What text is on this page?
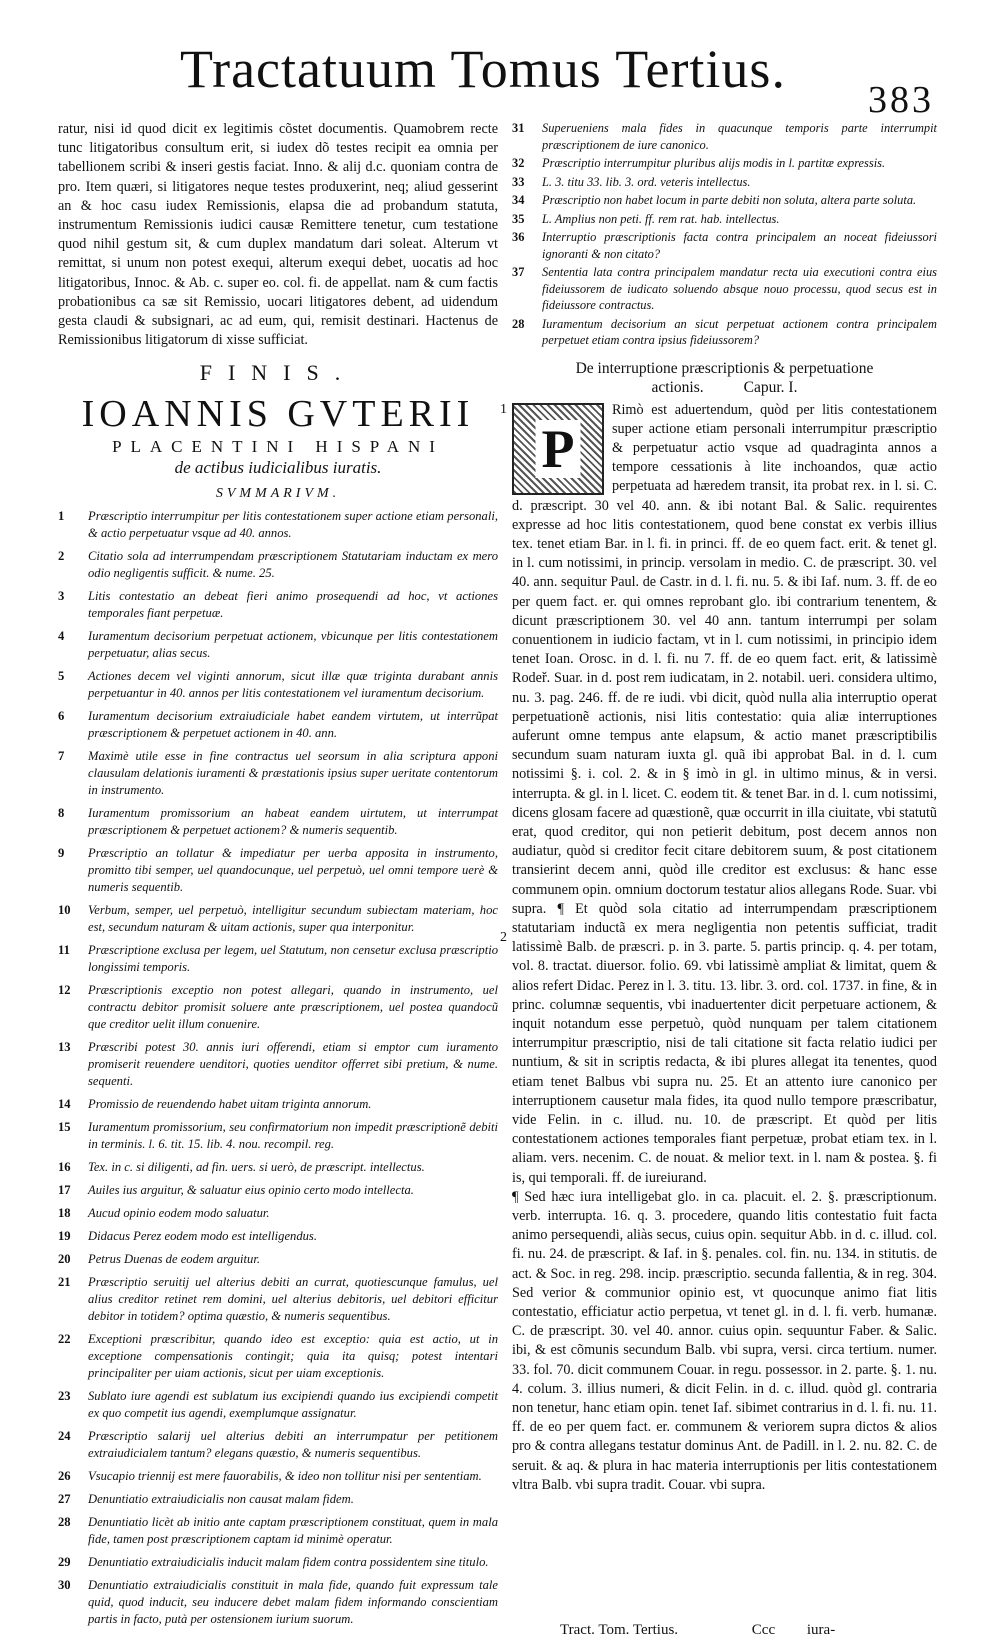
Tractatuum Tomus Tertius.
383

ratur, nisi id quod dicit ex legitimis cõstet documentis. Quamobrem recte tunc litigatoribus consultum erit, si iudex dõ testes recipit ea omnia per tabellionem scribi & inseri gestis faciat. Inno. & alij d.c. quoniam contra de pro. Item quæri, si litigatores neque testes produxerint, neq; aliud gesserint an & hoc casu iudex Remissionis, elapsa die ad probandum statuta, instrumentum Remissionis iudici causæ Remittere tenetur, cum testatione quod nihil gestum sit, & cum duplex mandatum dari soleat. Alterum vt remittat, si unum non potest exequi, alterum exequi debet, uocatis ad hoc litigatoribus, Innoc. & Ab. c. super eo. col. fi. de appellat. nam & cum factis probationibus ca sæ sit Remissio, uocari litigatores debent, ad uidendum gesta claudi & subsignari, ac ad eum, qui, remisit destinari. Hactenus de Remissionibus litigatorum di xisse sufficiat.

FINIS.
IOANNIS GVTERII
PLACENTINI HISPANI
de actibus iudicialibus iuratis.
SVMMARIVM.
1	Præscriptio interrumpitur per litis contestationem super actione etiam personali, & actio perpetuatur vsque ad 40. annos.
2	Citatio sola ad interrumpendam præscriptionem Statutariam inductam ex mero odio negligentis sufficit. & nume. 25.
3	Litis contestatio an debeat fieri animo prosequendi ad hoc, vt actiones temporales fiant perpetuæ.
4	Iuramentum decisorium perpetuat actionem, vbicunque per litis contestationem perpetuatur, alias secus.
5	Actiones decem vel viginti annorum, sicut illæ quæ triginta durabant annis perpetuantur in 40. annos per litis contestationem vel iuramentum decisorium.
6	Iuramentum decisorium extraiudiciale habet eandem virtutem, ut interrũpat præscriptionem & perpetuet actionem in 40. ann.
7	Maximè utile esse in fine contractus uel seorsum in alia scriptura apponi clausulam delationis iuramenti & præstationis ipsius super ueritate contentorum in instrumento.
8	Iuramentum promissorium an habeat eandem uirtutem, ut interrumpat præscriptionem & perpetuet actionem? & numeris sequentib.
9	Præscriptio an tollatur & impediatur per uerba apposita in instrumento, promitto tibi semper, uel quandocunque, uel perpetuò, uel omni tempore uerè & numeris sequentib.
10	Verbum, semper, uel perpetuò, intelligitur secundum subiectam materiam, hoc est, secundum naturam & uitam actionis, super qua interponitur.
11	Præscriptione exclusa per legem, uel Statutum, non censetur exclusa præscriptio longissimi temporis.
12	Præscriptionis exceptio non potest allegari, quando in instrumento, uel contractu debitor promisit soluere ante præscriptionem, uel postea quandocũ que creditor uelit illum conuenire.
13	Præscribi potest 30. annis iuri offerendi, etiam si emptor cum iuramento promiserit reuendere uenditori, quoties uenditor offerret sibi pretium, & nume. sequenti.
14	Promissio de reuendendo habet uitam triginta annorum.
15	Iuramentum promissorium, seu confirmatorium non impedit præscriptionẽ debiti in terminis. l. 6. tit. 15. lib. 4. nou. recompil. reg.
16	Tex. in c. si diligenti, ad fin. uers. si uerò, de præscript. intellectus.
17	Auiles ius arguitur, & saluatur eius opinio certo modo intellecta.
18	Aucud opinio eodem modo saluatur.
19	Didacus Perez eodem modo est intelligendus.
20	Petrus Duenas de eodem arguitur.
21	Præscriptio seruitij uel alterius debiti an currat, quotiescunque famulus, uel alius creditor retinet rem domini, uel alterius debitoris, uel debitori efficitur debitor in totidem? optima quæstio, & numeris sequentibus.
22	Exceptioni præscribitur, quando ideo est exceptio: quia est actio, ut in exceptione compensationis contingit; quia ita quisq; potest intentari principaliter per uiam actionis, sicut per uiam exceptionis.
23	Sublato iure agendi est sublatum ius excipiendi quando ius excipiendi competit ex quo competit ius agendi, exemplumque assignatur.
24	Præscriptio salarij uel alterius debiti an interrumpatur per petitionem extraiudicialem tantum? elegans quæstio, & numeris sequentibus.
26	Vsucapio triennij est mere fauorabilis, & ideo non tollitur nisi per sententiam.
27	Denuntiatio extraiudicialis non causat malam fidem.
28	Denuntiatio licèt ab initio ante captam præscriptionem constituat, quem in mala fide, tamen post præscriptionem captam id minimè operatur.
29	Denuntiatio extraiudicialis inducit malam fidem contra possidentem sine titulo.
30	Denuntiatio extraiudicialis constituit in mala fide, quando fuit expressum tale quid, quod inducit, seu inducere debet malam fidem informando conscientiam partis in facto, putà per ostensionem iurium suorum.
1
2
31	Superueniens mala fides in quacunque temporis parte interrumpit præscriptionem de iure canonico.
32	Præscriptio interrumpitur pluribus alijs modis in l. partitæ expressis.
33	L. 3. titu 33. lib. 3. ord. veteris intellectus.
34	Præscriptio non habet locum in parte debiti non soluta, altera parte soluta.
35	L. Amplius non peti. ff. rem rat. hab. intellectus.
36	Interruptio præscriptionis facta contra principalem an noceat fideiussori ignoranti & non citato?
37	Sententia lata contra principalem mandatur recta uia executioni contra eius fideiussorem de iudicato soluendo absque nouo processu, quod secus est in fideiussore contractus.
28	Iuramentum decisorium an sicut perpetuat actionem contra principalem perpetuet etiam contra ipsius fideiussorem?
De interruptione præscriptionis & perpetuatione
actionis.	Capur. I.
P

Rimò est aduertendum, quòd per litis contestationem super actione etiam personali interrumpitur præscriptio & perpetuatur actio vsque ad quadraginta annos a tempore cessationis à lite inchoandos, quæ actio perpetuata ad hæredem transit, ita probat rex. in l. si. C. d. præscript. 30 vel 40. ann. & ibi notant Bal. & Salic. requirentes expresse ad hoc litis contestationem, quod bene constat ex verbis illius tex. tenet etiam Bar. in l. fi. in princi. ff. de eo quem fact. erit. & tenet gl. in l. cum notissimi, in princip. versolam in medio. C. de præscript. 30. vel 40. ann. sequitur Paul. de Castr. in d. l. fi. nu. 5. & ibi Iaf. num. 3. ff. de eo per quem fact. er. qui omnes reprobant glo. ibi contrarium tenentem, & dicunt præscriptionem 30. vel 40 ann. tantum interrumpi per solam conuentionem in iudicio factam, vt in l. cum notissimi, in principio idem tenet Ioan. Orosc. in d. l. fi. nu 7. ff. de eo quem fact. erit, & latissimè Rodeř. Suar. in d. post rem iudicatam, in 2. notabil. ueri. considera ultimo, nu. 3. pag. 246. ff. de re iudi. vbi dicit, quòd nulla alia interruptio operat perpetuationẽ actionis, nisi litis contestatio: quia aliæ interruptiones auferunt omne tempus ante elapsum, & actio manet præscriptibilis secundum suam naturam iuxta gl. quã ibi approbat Bal. in d. l. cum notissimi §. i. col. 2. & in § imò in gl. in ultimo minus, & in versi. interrupta. & gl. in l. licet. C. eodem tit. & tenet Bar. in d. l. cum notissimi, dicens glosam facere ad quæstionẽ, quæ occurrit in illa ciuitate, vbi statutũ erat, quod creditor, qui non petierit debitum, post decem annos non audiatur, quòd si creditor fecit citare debitorem suum, & post citationem transierint decem anni, quòd ille creditor est exclusus: & hanc esse communem opin. omnium doctorum testatur alios allegans Rode. Suar. vbi supra. ¶ Et quòd sola citatio ad interrumpendam præscriptionem statutariam inductã ex mera negligentia non petentis sufficiat, tradit latissimè Balb. de præscri. p. in 3. parte. 5. partis princip. q. 4. per totam, vol. 8. tractat. diuersor. folio. 69. vbi latissimè ampliat & limitat, quem & alios refert Didac. Perez in l. 3. titu. 13. libr. 3. ord. col. 1737. in fine, & in princ. columnæ sequentis, vbi inaduertenter dicit perpetuare actionem, & inquit notandum esse perpetuò, quòd nunquam per talem citationem interrumpitur præscriptio, nisi de tali citatione sit facta relatio iudici per nuntium, & sit in scriptis redacta, & ibi plures allegat ita tenentes, quod etiam tenet Balbus vbi supra nu. 25. Et an attento iure canonico per interruptionem causetur mala fides, ita quod nullo tempore præscribatur, vide Felin. in c. illud. nu. 10. de præscript. Et quòd per litis contestationem actiones temporales fiant perpetuæ, probat etiam tex. in l. aliam. vers. necenim. C. de nouat. & melior text. in l. nam & postea. §. fi is, qui temporali. ff. de iureiurand.

¶ Sed hæc iura intelligebat glo. in ca. placuit. el. 2. §. præscriptionum. verb. interrupta. 16. q. 3. procedere, quando litis contestatio fuit facta animo persequendi, aliàs secus, cuius opin. sequitur Abb. in d. c. illud. col. fi. nu. 24. de præscript. & Iaf. in §. penales. col. fin. nu. 134. in stitutis. de act. & Soc. in reg. 298. incip. præscriptio. secunda fallentia, & in reg. 304. Sed verior & communior opinio est, vt quocunque animo fiat litis contestatio, efficiatur actio perpetua, vt tenet gl. in d. l. fi. verb. humanæ. C. de præscript. 30. vel 40. annor. cuius opin. sequuntur Faber. & Salic. ibi, & est cõmunis secundum Balb. vbi supra, versi. circa tertium. numer. 33. fol. 70. dicit communem Couar. in regu. possessor. in 2. parte. §. 1. nu. 4. colum. 3. illius numeri, & dicit Felin. in d. c. illud. quòd gl. contraria non tenetur, hanc etiam opin. tenet Iaf. sibimet contrarius in d. l. fi. nu. 11. ff. de eo per quem fact. er. communem & veriorem supra dictos & alios pro & contra allegans testatur dominus Ant. de Padill. in l. 2. nu. 82. C. de seruit. & aq. & plura in hac materia interruptionis per litis contestationem vltra Balb. vbi supra tradit. Couar. vbi supra.

Tract. Tom. Tertius.	Ccc iura-
